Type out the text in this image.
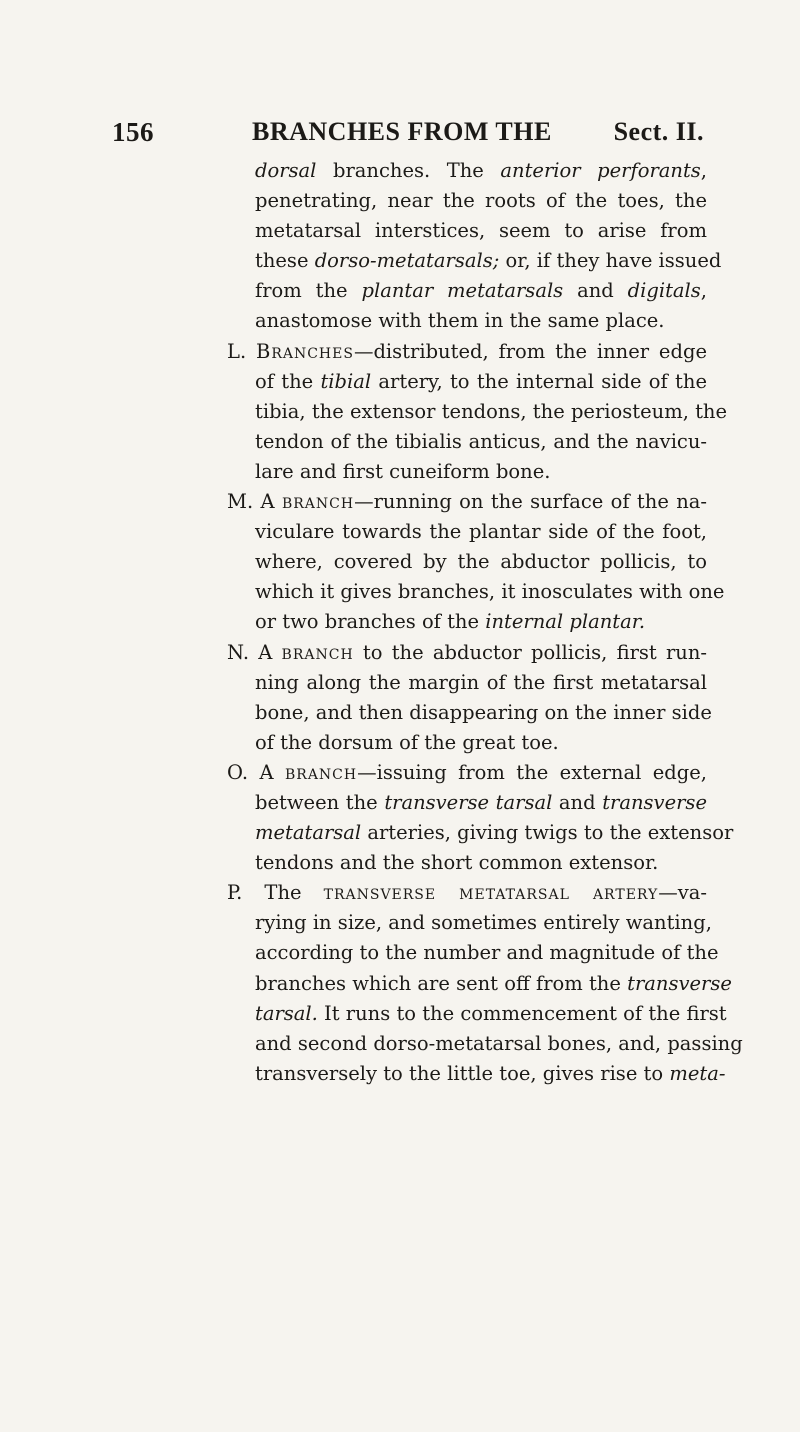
156	BRANCHES FROM THE Sect. II.
dorsal branches. The anterior perforants,
penetrating, near the roots of the toes, the
metatarsal interstices, seem to arise from
these dorso-metatarsals; or, if they have issued
from the plantar metatarsals and digitals,
anastomose with them in the same place.
L. Branches—distributed, from the inner edge
of the tibial artery, to the internal side of the
tibia, the extensor tendons, the periosteum, the
tendon of the tibialis anticus, and the navicu-
lare and first cuneiform bone.
M. A branch—running on the surface of the na-
viculare towards the plantar side of the foot,
where, covered by the abductor pollicis, to
which it gives branches, it inosculates with one
or two branches of the internal plantar.
N. A branch to the abductor pollicis, first run-
ning along the margin of the first metatarsal
bone, and then disappearing on the inner side
of the dorsum of the great toe.
O. A branch—issuing from the external edge,
between the transverse tarsal and transverse
metatarsal arteries, giving twigs to the extensor
tendons and the short common extensor.
P. The transverse metatarsal artery—va-
rying in size, and sometimes entirely wanting,
according to the number and magnitude of the
branches which are sent off from the transverse
tarsal. It runs to the commencement of the first
and second dorso-metatarsal bones, and, passing
transversely to the little toe, gives rise to meta-
